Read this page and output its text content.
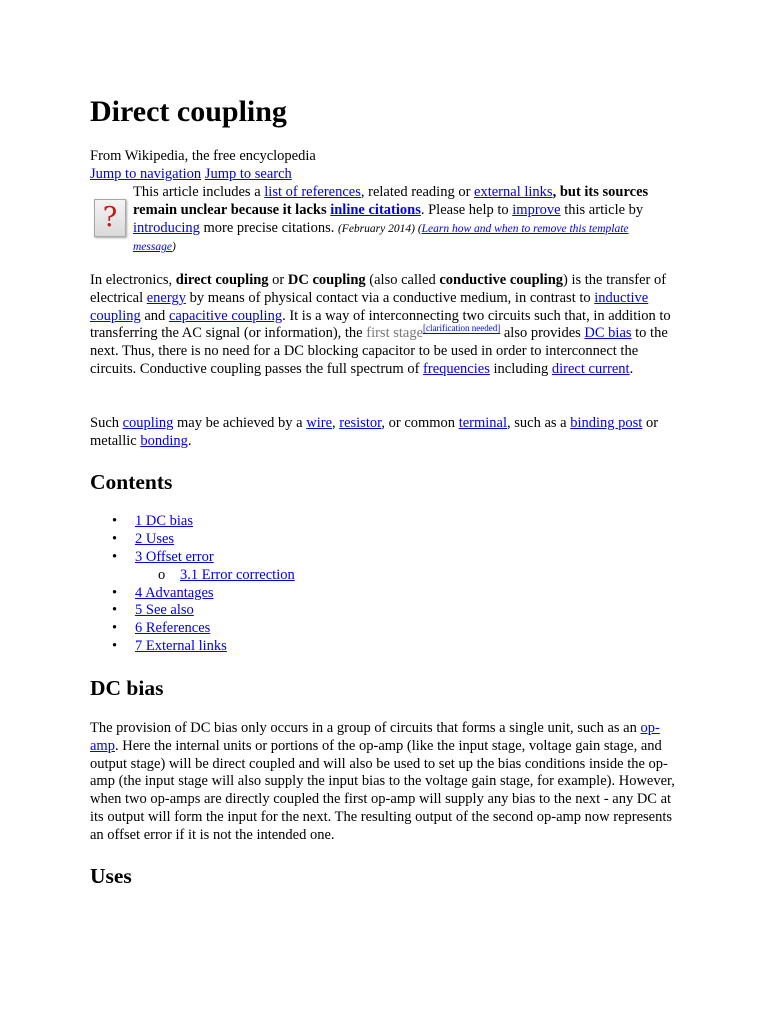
Direct coupling
From Wikipedia, the free encyclopedia
Jump to navigation Jump to search
?
This article includes a list of references, related reading or external links, but its sources remain unclear because it lacks inline citations. Please help to improve this article by introducing more precise citations. (February 2014) (Learn how and when to remove this template message)

In electronics, direct coupling or DC coupling (also called conductive coupling) is the transfer of electrical energy by means of physical contact via a conductive medium, in contrast to inductive coupling and capacitive coupling. It is a way of interconnecting two circuits such that, in addition to transferring the AC signal (or information), the first stage[clarification needed] also provides DC bias to the next. Thus, there is no need for a DC blocking capacitor to be used in order to interconnect the circuits. Conductive coupling passes the full spectrum of frequencies including direct current.

Such coupling may be achieved by a wire, resistor, or common terminal, such as a binding post or metallic bonding.

Contents
• 1 DC bias
• 2 Uses
• 3 Offset error
o 3.1 Error correction
• 4 Advantages
• 5 See also
• 6 References
• 7 External links
DC bias

The provision of DC bias only occurs in a group of circuits that forms a single unit, such as an op-amp. Here the internal units or portions of the op-amp (like the input stage, voltage gain stage, and output stage) will be direct coupled and will also be used to set up the bias conditions inside the op-amp (the input stage will also supply the input bias to the voltage gain stage, for example). However, when two op-amps are directly coupled the first op-amp will supply any bias to the next - any DC at its output will form the input for the next. The resulting output of the second op-amp now represents an offset error if it is not the intended one.

Uses
